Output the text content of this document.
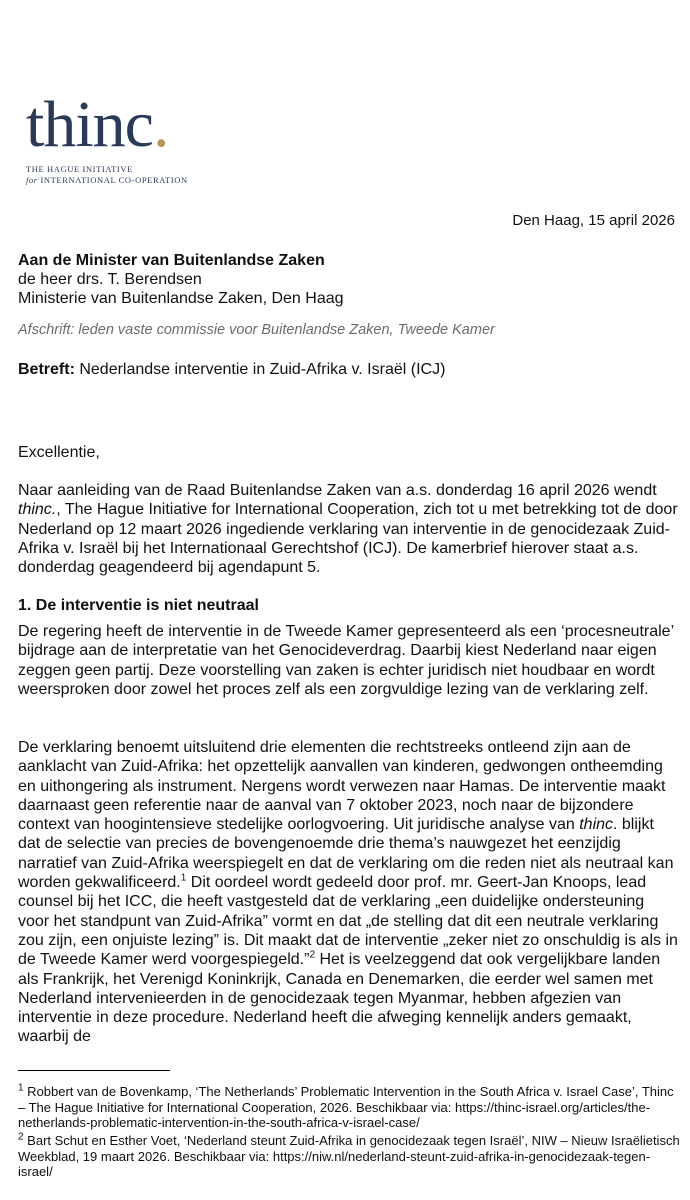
thinc.
THE HAGUE INITIATIVE
for INTERNATIONAL CO-OPERATION
Den Haag, 15 april 2026
Aan de Minister van Buitenlandse Zaken
de heer drs. T. Berendsen
Ministerie van Buitenlandse Zaken, Den Haag
Afschrift: leden vaste commissie voor Buitenlandse Zaken, Tweede Kamer
Betreft: Nederlandse interventie in Zuid-Afrika v. Israël (ICJ)
Excellentie,
Naar aanleiding van de Raad Buitenlandse Zaken van a.s. donderdag 16 april 2026 wendt thinc., The Hague Initiative for International Cooperation, zich tot u met betrekking tot de door Nederland op 12 maart 2026 ingediende verklaring van interventie in de genocidezaak Zuid-Afrika v. Israël bij het Internationaal Gerechtshof (ICJ). De kamerbrief hierover staat a.s. donderdag geagendeerd bij agendapunt 5.
1. De interventie is niet neutraal
De regering heeft de interventie in de Tweede Kamer gepresenteerd als een ‘procesneutrale’ bijdrage aan de interpretatie van het Genocideverdrag. Daarbij kiest Nederland naar eigen zeggen geen partij. Deze voorstelling van zaken is echter juridisch niet houdbaar en wordt weersproken door zowel het proces zelf als een zorgvuldige lezing van de verklaring zelf.
De verklaring benoemt uitsluitend drie elementen die rechtstreeks ontleend zijn aan de aanklacht van Zuid-Afrika: het opzettelijk aanvallen van kinderen, gedwongen ontheemding en uithongering als instrument. Nergens wordt verwezen naar Hamas. De interventie maakt daarnaast geen referentie naar de aanval van 7 oktober 2023, noch naar de bijzondere context van hoogintensieve stedelijke oorlogvoering. Uit juridische analyse van thinc. blijkt dat de selectie van precies de bovengenoemde drie thema’s nauwgezet het eenzijdig narratief van Zuid-Afrika weerspiegelt en dat de verklaring om die reden niet als neutraal kan worden gekwalificeerd.$^1$ Dit oordeel wordt gedeeld door prof. mr. Geert-Jan Knoops, lead counsel bij het ICC, die heeft vastgesteld dat de verklaring „een duidelijke ondersteuning voor het standpunt van Zuid-Afrika” vormt en dat „de stelling dat dit een neutrale verklaring zou zijn, een onjuiste lezing” is. Dit maakt dat de interventie „zeker niet zo onschuldig is als in de Tweede Kamer werd voorgespiegeld.”$^2$ Het is veelzeggend dat ook vergelijkbare landen als Frankrijk, het Verenigd Koninkrijk, Canada en Denemarken, die eerder wel samen met Nederland intervenieerden in de genocidezaak tegen Myanmar, hebben afgezien van interventie in deze procedure. Nederland heeft die afweging kennelijk anders gemaakt, waarbij de
$^1$ Robbert van de Bovenkamp, ‘The Netherlands’ Problematic Intervention in the South Africa v. Israel Case’, Thinc – The Hague Initiative for International Cooperation, 2026. Beschikbaar via: https://thinc-israel.org/articles/the-netherlands-problematic-intervention-in-the-south-africa-v-israel-case/
$^2$ Bart Schut en Esther Voet, ‘Nederland steunt Zuid-Afrika in genocidezaak tegen Israël’, NIW – Nieuw Israëlietisch Weekblad, 19 maart 2026. Beschikbaar via: https://niw.nl/nederland-steunt-zuid-afrika-in-genocidezaak-tegen-israel/
